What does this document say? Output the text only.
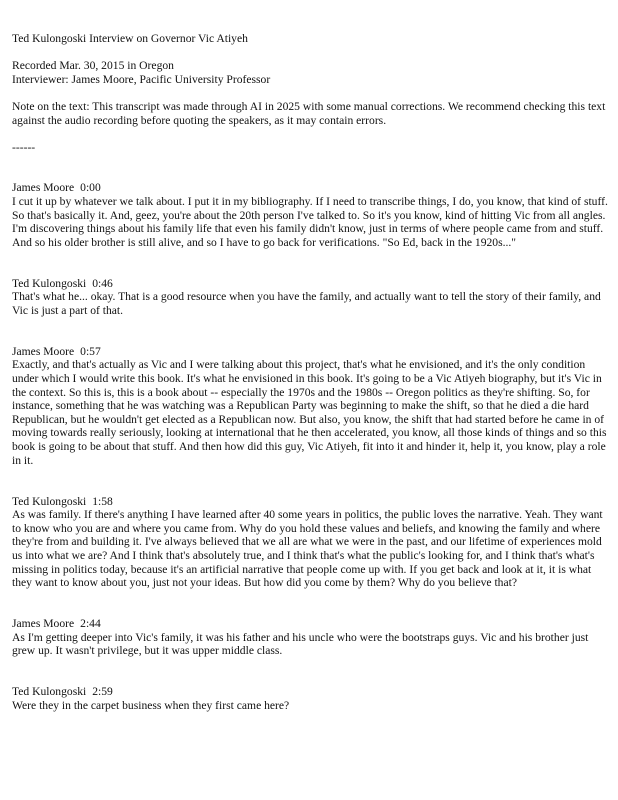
Ted Kulongoski Interview on Governor Vic Atiyeh

Recorded Mar. 30, 2015 in Oregon

Interviewer: James Moore, Pacific University Professor

Note on the text: This transcript was made through AI in 2025 with some manual corrections. We recommend checking this text against the audio recording before quoting the speakers, as it may contain errors.
------
James Moore 0:00

I cut it up by whatever we talk about. I put it in my bibliography. If I need to transcribe things, I do, you know, that kind of stuff. So that's basically it. And, geez, you're about the 20th person I've talked to. So it's you know, kind of hitting Vic from all angles. I'm discovering things about his family life that even his family didn't know, just in terms of where people came from and stuff. And so his older brother is still alive, and so I have to go back for verifications. "So Ed, back in the 1920s..."

Ted Kulongoski 0:46

That's what he... okay. That is a good resource when you have the family, and actually want to tell the story of their family, and Vic is just a part of that.

James Moore 0:57

Exactly, and that's actually as Vic and I were talking about this project, that's what he envisioned, and it's the only condition under which I would write this book. It's what he envisioned in this book. It's going to be a Vic Atiyeh biography, but it's Vic in the context. So this is, this is a book about -- especially the 1970s and the 1980s -- Oregon politics as they're shifting. So, for instance, something that he was watching was a Republican Party was beginning to make the shift, so that he died a die hard Republican, but he wouldn't get elected as a Republican now. But also, you know, the shift that had started before he came in of moving towards really seriously, looking at international that he then accelerated, you know, all those kinds of things and so this book is going to be about that stuff. And then how did this guy, Vic Atiyeh, fit into it and hinder it, help it, you know, play a role in it.

Ted Kulongoski 1:58

As was family. If there's anything I have learned after 40 some years in politics, the public loves the narrative. Yeah. They want to know who you are and where you came from. Why do you hold these values and beliefs, and knowing the family and where they're from and building it. I've always believed that we all are what we were in the past, and our lifetime of experiences mold us into what we are? And I think that's absolutely true, and I think that's what the public's looking for, and I think that's what's missing in politics today, because it's an artificial narrative that people come up with. If you get back and look at it, it is what they want to know about you, just not your ideas. But how did you come by them? Why do you believe that?

James Moore 2:44

As I'm getting deeper into Vic's family, it was his father and his uncle who were the bootstraps guys. Vic and his brother just grew up. It wasn't privilege, but it was upper middle class.

Ted Kulongoski 2:59

Were they in the carpet business when they first came here?
